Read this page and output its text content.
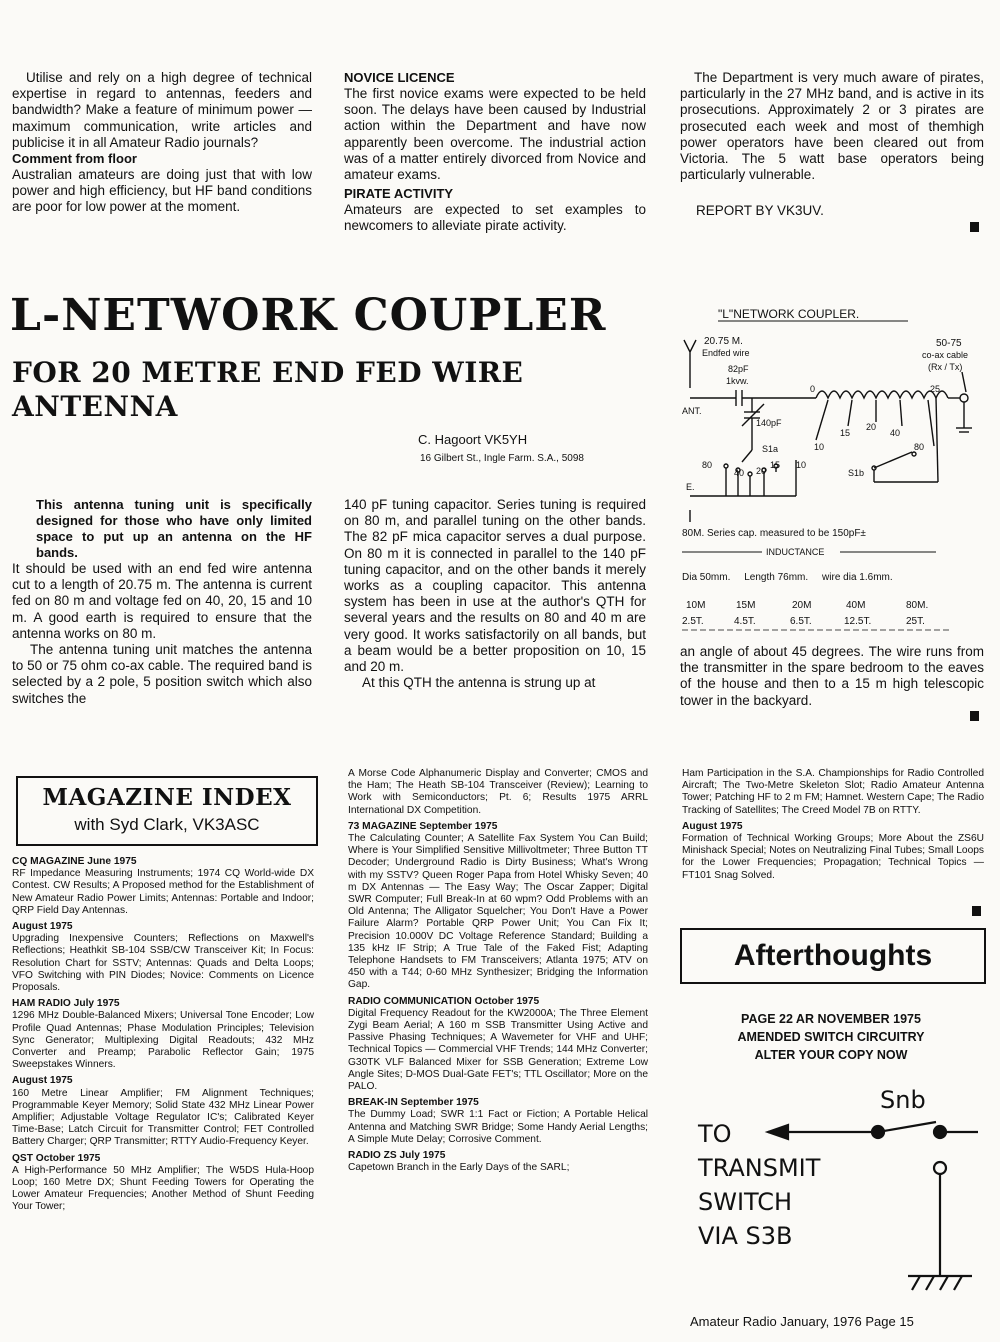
Utilise and rely on a high degree of technical expertise in regard to antennas, feeders and bandwidth? Make a feature of minimum power — maximum communication, write articles and publicise it in all Amateur Radio journals?

Comment from floor

Australian amateurs are doing just that with low power and high efficiency, but HF band conditions are poor for low power at the moment.

NOVICE LICENCE

The first novice exams were expected to be held soon. The delays have been caused by Industrial action within the Department and have now apparently been overcome. The industrial action was of a matter entirely divorced from Novice and amateur exams.

PIRATE ACTIVITY

Amateurs are expected to set examples to newcomers to alleviate pirate activity.

The Department is very much aware of pirates, particularly in the 27 MHz band, and is active in its prosecutions. Approximately 2 or 3 pirates are prosecuted each week and most of themhigh power operators have been cleared out from Victoria. The 5 watt base operators being particularly vulnerable.

REPORT BY VK3UV.

L-NETWORK COUPLER
FOR 20 METRE END FED WIRE ANTENNA
C. Hagoort VK5YH
16 Gilbert St., Ingle Farm. S.A., 5098

This antenna tuning unit is specifically designed for those who have only limited space to put up an antenna on the HF bands.

It should be used with an end fed wire antenna cut to a length of 20.75 m. The antenna is current fed on 80 m and voltage fed on 40, 20, 15 and 10 m. A good earth is required to ensure that the antenna works on 80 m.

The antenna tuning unit matches the antenna to 50 or 75 ohm co-ax cable. The required band is selected by a 2 pole, 5 position switch which also switches the

140 pF tuning capacitor. Series tuning is required on 80 m, and parallel tuning on the other bands. The 82 pF mica capacitor serves a dual purpose. On 80 m it is connected in parallel to the 140 pF tuning capacitor, and on the other bands it merely works as a coupling capacitor. This antenna system has been in use at the author's QTH for several years and the results on 80 and 40 m are very good. It works satisfactorily on all bands, but a beam would be a better proposition on 10, 15 and 20 m.

At this QTH the antenna is strung up at

an angle of about 45 degrees. The wire runs from the transmitter in the spare bedroom to the eaves of the house and then to a 15 m high telescopic tower in the backyard.

"L"NETWORK COUPLER.
20.75 M.
Endfed wire
50-75
co-ax cable
(Rx / Tx)
82pF
1kvw.
140pF
ANT.
E.
S1a
S1b
0
10
15
20
40
80
25
80
40 20
15 10
80M. Series cap. measured to be 150pF±
INDUCTANCE
Dia 50mm.     Length 76mm.     wire dia 1.6mm.
10M	15M	20M	40M	80M.
2.5T.	4.5T.	6.5T.	12.5T.	25T.
MAGAZINE INDEX
with Syd Clark, VK3ASC

CQ MAGAZINE June 1975

RF Impedance Measuring Instruments; 1974 CQ World-wide DX Contest. CW Results; A Proposed method for the Establishment of New Amateur Radio Power Limits; Antennas: Portable and Indoor; QRP Field Day Antennas.

August 1975

Upgrading Inexpensive Counters; Reflections on Maxwell's Reflections; Heathkit SB-104 SSB/CW Transceiver Kit; In Focus: Resolution Chart for SSTV; Antennas: Quads and Delta Loops; VFO Switching with PIN Diodes; Novice: Comments on Licence Proposals.

HAM RADIO July 1975

1296 MHz Double-Balanced Mixers; Universal Tone Encoder; Low Profile Quad Antennas; Phase Modulation Principles; Television Sync Generator; Multiplexing Digital Readouts; 432 MHz Converter and Preamp; Parabolic Reflector Gain; 1975 Sweepstakes Winners.

August 1975

160 Metre Linear Amplifier; FM Alignment Techniques; Programmable Keyer Memory; Solid State 432 MHz Linear Power Amplifier; Adjustable Voltage Regulator IC's; Calibrated Keyer Time-Base; Latch Circuit for Transmitter Control; FET Controlled Battery Charger; QRP Transmitter; RTTY Audio-Frequency Keyer.

QST October 1975

A High-Performance 50 MHz Amplifier; The W5DS Hula-Hoop Loop; 160 Metre DX; Shunt Feeding Towers for Operating the Lower Amateur Frequencies; Another Method of Shunt Feeding Your Tower;

A Morse Code Alphanumeric Display and Converter; CMOS and the Ham; The Heath SB-104 Transceiver (Review); Learning to Work with Semiconductors; Pt. 6; Results 1975 ARRL International DX Competition.

73 MAGAZINE September 1975

The Calculating Counter; A Satellite Fax System You Can Build; Where is Your Simplified Sensitive Millivoltmeter; Three Button TT Decoder; Underground Radio is Dirty Business; What's Wrong with my SSTV? Queen Roger Papa from Hotel Whisky Seven; 40 m DX Antennas — The Easy Way; The Oscar Zapper; Digital SWR Computer; Full Break-In at 60 wpm? Odd Problems with an Old Antenna; The Alligator Squelcher; You Don't Have a Power Failure Alarm? Portable QRP Power Unit; You Can Fix It; Precision 10.000V DC Voltage Reference Standard; Building a 135 kHz IF Strip; A True Tale of the Faked Fist; Adapting Telephone Handsets to FM Transceivers; Atlanta 1975; ATV on 450 with a T44; 0-60 MHz Synthesizer; Bridging the Information Gap.

RADIO COMMUNICATION October 1975

Digital Frequency Readout for the KW2000A; The Three Element Zygi Beam Aerial; A 160 m SSB Transmitter Using Active and Passive Phasing Techniques; A Wavemeter for VHF and UHF; Technical Topics — Commercial VHF Trends; 144 MHz Converter; G30TK VLF Balanced Mixer for SSB Generation; Extreme Low Angle Sites; D-MOS Dual-Gate FET's; TTL Oscillator; More on the PALO.

BREAK-IN September 1975

The Dummy Load; SWR 1:1 Fact or Fiction; A Portable Helical Antenna and Matching SWR Bridge; Some Handy Aerial Lengths; A Simple Mute Delay; Corrosive Comment.

RADIO ZS July 1975

Capetown Branch in the Early Days of the SARL;

Ham Participation in the S.A. Championships for Radio Controlled Aircraft; The Two-Metre Skeleton Slot; Radio Amateur Antenna Tower; Patching HF to 2 m FM; Hamnet. Western Cape; The Radio Tracking of Satellites; The Creed Model 7B on RTTY.

August 1975

Formation of Technical Working Groups; More About the ZS6U Minishack Special; Notes on Neutralizing Final Tubes; Small Loops for the Lower Frequencies; Propagation; Technical Topics — FT101 Snag Solved.

Afterthoughts
PAGE 22 AR NOVEMBER 1975
AMENDED SWITCH CIRCUITRY
ALTER YOUR COPY NOW
Snb
TO
TRANSMIT
SWITCH
VIA S3B
Amateur Radio January, 1976 Page 15
